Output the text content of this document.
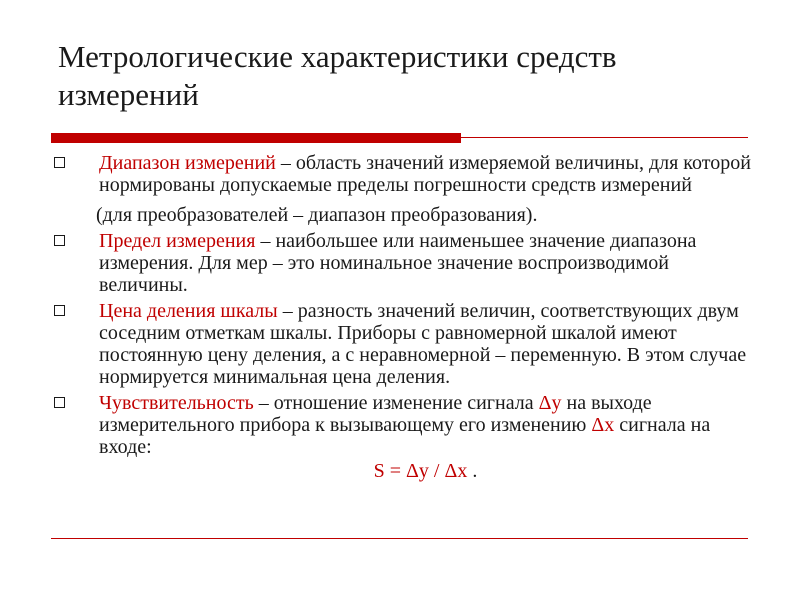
Метрологические характеристики средств измерений
Диапазон измерений – область значений измеряемой величины, для которой нормированы допускаемые пределы погрешности средств измерений
(для преобразователей – диапазон преобразования).
Предел измерения – наибольшее или наименьшее значение диапазона измерения. Для мер – это номинальное значение воспроизводимой величины.
Цена деления шкалы – разность значений величин, соответствующих двум соседним отметкам шкалы. Приборы с равномерной шкалой имеют постоянную цену деления, а с неравномерной – переменную. В этом случае нормируется минимальная цена деления.
Чувствительность – отношение изменение сигнала Δy на выходе измерительного прибора к вызывающему его изменению Δx сигнала на входе:
S = Δy / Δx .
